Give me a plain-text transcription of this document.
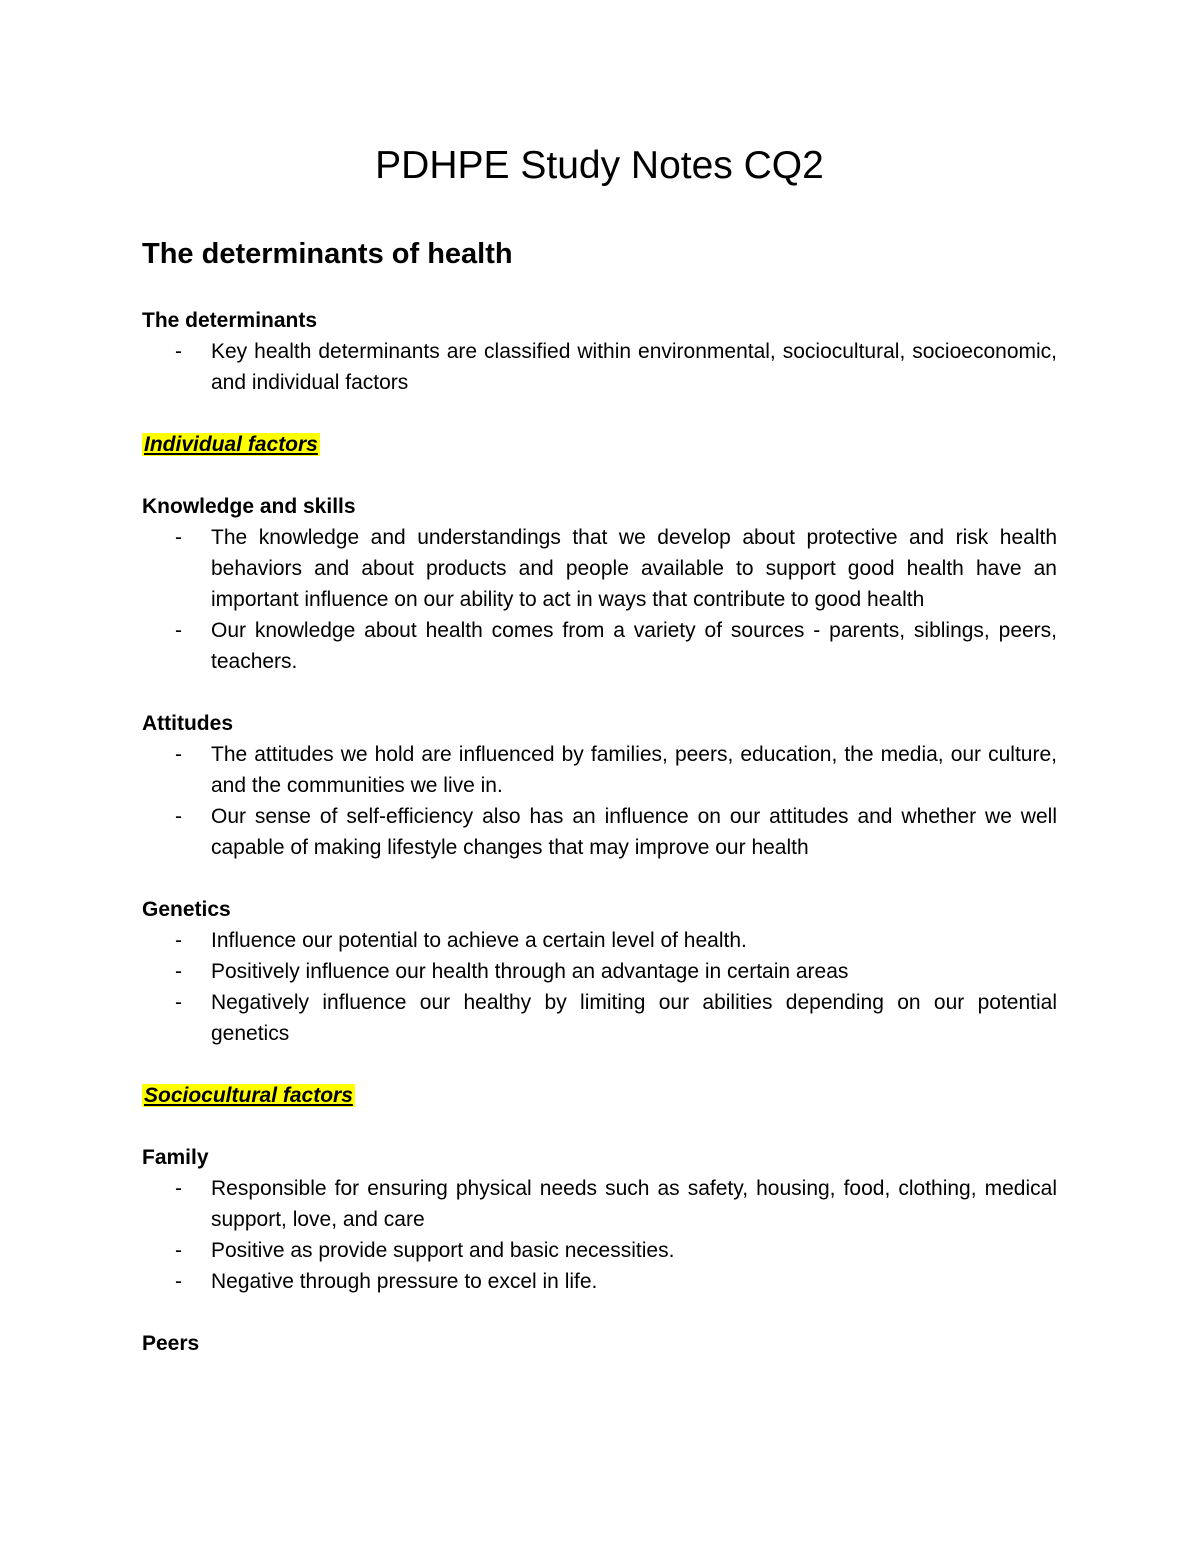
PDHPE Study Notes CQ2
The determinants of health
The determinants
- Key health determinants are classified within environmental, sociocultural, socioeconomic, and individual factors
Individual factors
Knowledge and skills
- The knowledge and understandings that we develop about protective and risk health behaviors and about products and people available to support good health have an important influence on our ability to act in ways that contribute to good health
- Our knowledge about health comes from a variety of sources - parents, siblings, peers, teachers.
Attitudes
- The attitudes we hold are influenced by families, peers, education, the media, our culture, and the communities we live in.
- Our sense of self-efficiency also has an influence on our attitudes and whether we well capable of making lifestyle changes that may improve our health
Genetics
- Influence our potential to achieve a certain level of health.
- Positively influence our health through an advantage in certain areas
- Negatively influence our healthy by limiting our abilities depending on our potential genetics
Sociocultural factors
Family
- Responsible for ensuring physical needs such as safety, housing, food, clothing, medical support, love, and care
- Positive as provide support and basic necessities.
- Negative through pressure to excel in life.
Peers
